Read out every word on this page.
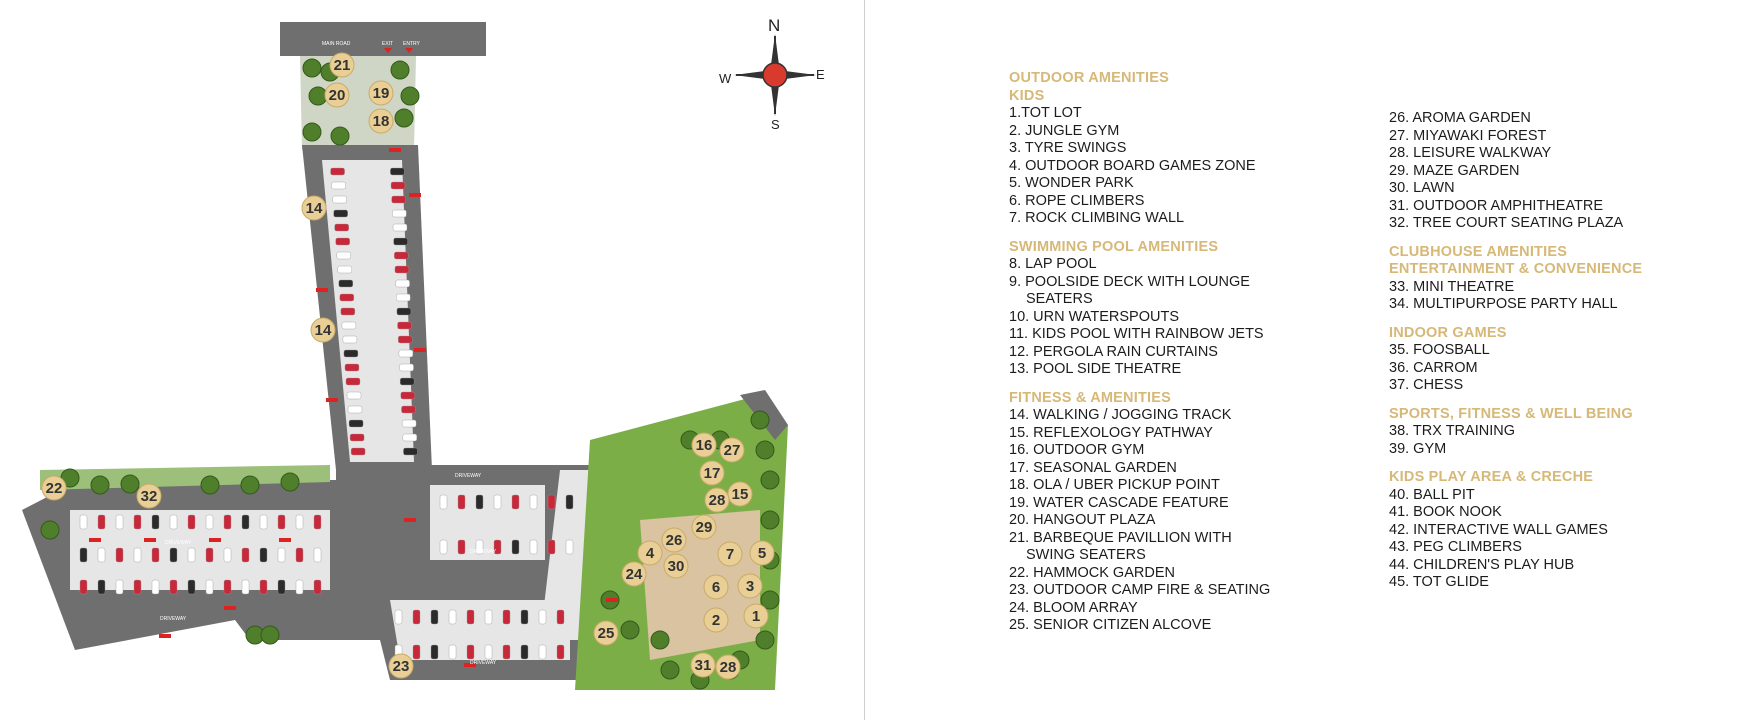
MAIN ROAD	EXIT ENTRY
21
20 19
18
14
14
22	32
16 27
17
15
28
29
26
4	7 5
24 30
6 3
2 1
25
31 28
23
DRIVEWAY
DRIVEWAY
DRIVEWAY
DRIVEWAY
DRIVEWAY
N
S
W	E	OUTDOOR AMENITIES
KIDS
1.TOT LOT
2. JUNGLE GYM
3. TYRE SWINGS
4. OUTDOOR BOARD GAMES ZONE
5. WONDER PARK
6. ROPE CLIMBERS
7. ROCK CLIMBING WALL
SWIMMING POOL AMENITIES
8. LAP POOL
9. POOLSIDE DECK WITH LOUNGE
SEATERS
10. URN WATERSPOUTS
11. KIDS POOL WITH RAINBOW JETS
12. PERGOLA RAIN CURTAINS
13. POOL SIDE THEATRE
FITNESS & AMENITIES
14. WALKING / JOGGING TRACK
15. REFLEXOLOGY PATHWAY
16. OUTDOOR GYM
17. SEASONAL GARDEN
18. OLA / UBER PICKUP POINT
19. WATER CASCADE FEATURE
20. HANGOUT PLAZA
21. BARBEQUE PAVILLION WITH
SWING SEATERS
22. HAMMOCK GARDEN
23. OUTDOOR CAMP FIRE & SEATING
24. BLOOM ARRAY
25. SENIOR CITIZEN ALCOVE
26. AROMA GARDEN
27. MIYAWAKI FOREST
28. LEISURE WALKWAY
29. MAZE GARDEN
30. LAWN
31. OUTDOOR AMPHITHEATRE
32. TREE COURT SEATING PLAZA
CLUBHOUSE AMENITIES
ENTERTAINMENT & CONVENIENCE
33. MINI THEATRE
34. MULTIPURPOSE PARTY HALL
INDOOR GAMES
35. FOOSBALL
36. CARROM
37. CHESS
SPORTS, FITNESS & WELL BEING
38. TRX TRAINING
39. GYM
KIDS PLAY AREA & CRECHE
40. BALL PIT
41. BOOK NOOK
42. INTERACTIVE WALL GAMES
43. PEG CLIMBERS
44. CHILDREN'S PLAY HUB
45. TOT GLIDE
